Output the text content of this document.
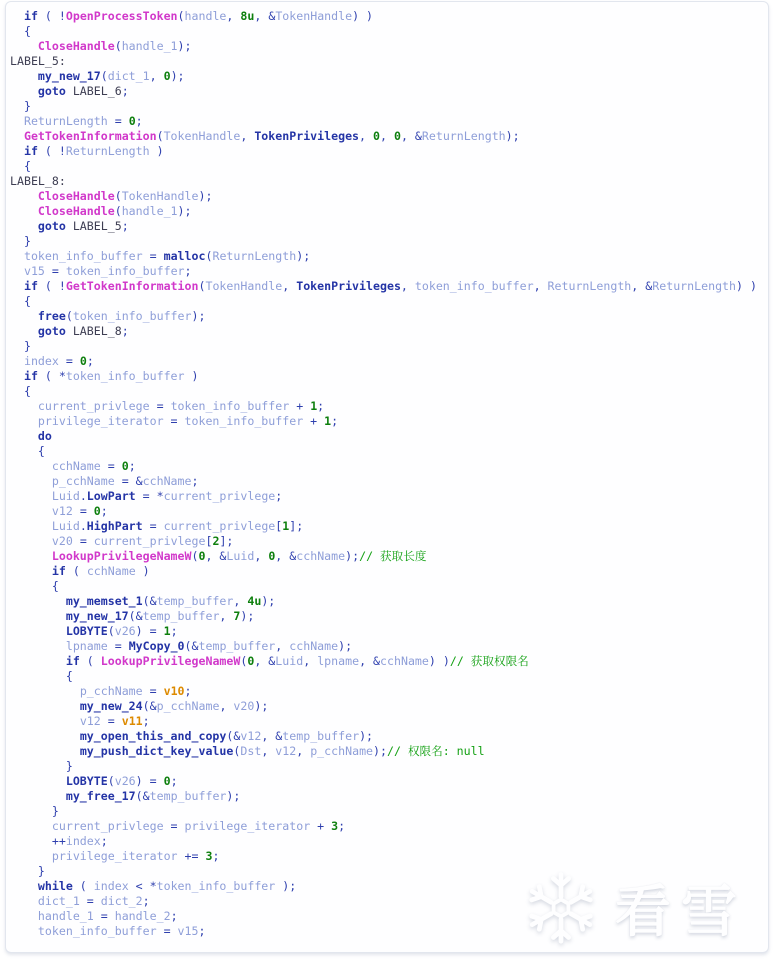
if ( !OpenProcessToken(handle, 8u, &TokenHandle) )
{
CloseHandle(handle_1);
LABEL_5:
my_new_17(dict_1, 0);
goto LABEL_6;
}
ReturnLength = 0;
GetTokenInformation(TokenHandle, TokenPrivileges, 0, 0, &ReturnLength);
if ( !ReturnLength )
{
LABEL_8:
CloseHandle(TokenHandle);
CloseHandle(handle_1);
goto LABEL_5;
}
token_info_buffer = malloc(ReturnLength);
v15 = token_info_buffer;
if ( !GetTokenInformation(TokenHandle, TokenPrivileges, token_info_buffer, ReturnLength, &ReturnLength) )
{
free(token_info_buffer);
goto LABEL_8;
}
index = 0;
if ( *token_info_buffer )
{
current_privlege = token_info_buffer + 1;
privilege_iterator = token_info_buffer + 1;
do
{
cchName = 0;
p_cchName = &cchName;
Luid.LowPart = *current_privlege;
v12 = 0;
Luid.HighPart = current_privlege[1];
v20 = current_privlege[2];
LookupPrivilegeNameW(0, &Luid, 0, &cchName);// 获取长度
if ( cchName )
{
my_memset_1(&temp_buffer, 4u);
my_new_17(&temp_buffer, 7);
LOBYTE(v26) = 1;
lpname = MyCopy_0(&temp_buffer, cchName);
if ( LookupPrivilegeNameW(0, &Luid, lpname, &cchName) )// 获取权限名
{
p_cchName = v10;
my_new_24(&p_cchName, v20);
v12 = v11;
my_open_this_and_copy(&v12, &temp_buffer);
my_push_dict_key_value(Dst, v12, p_cchName);// 权限名: null
}
LOBYTE(v26) = 0;
my_free_17(&temp_buffer);
}
current_privlege = privilege_iterator + 3;
++index;
privilege_iterator += 3;
}
while ( index < *token_info_buffer );
dict_1 = dict_2;
handle_1 = handle_2;
token_info_buffer = v15;	看雪
